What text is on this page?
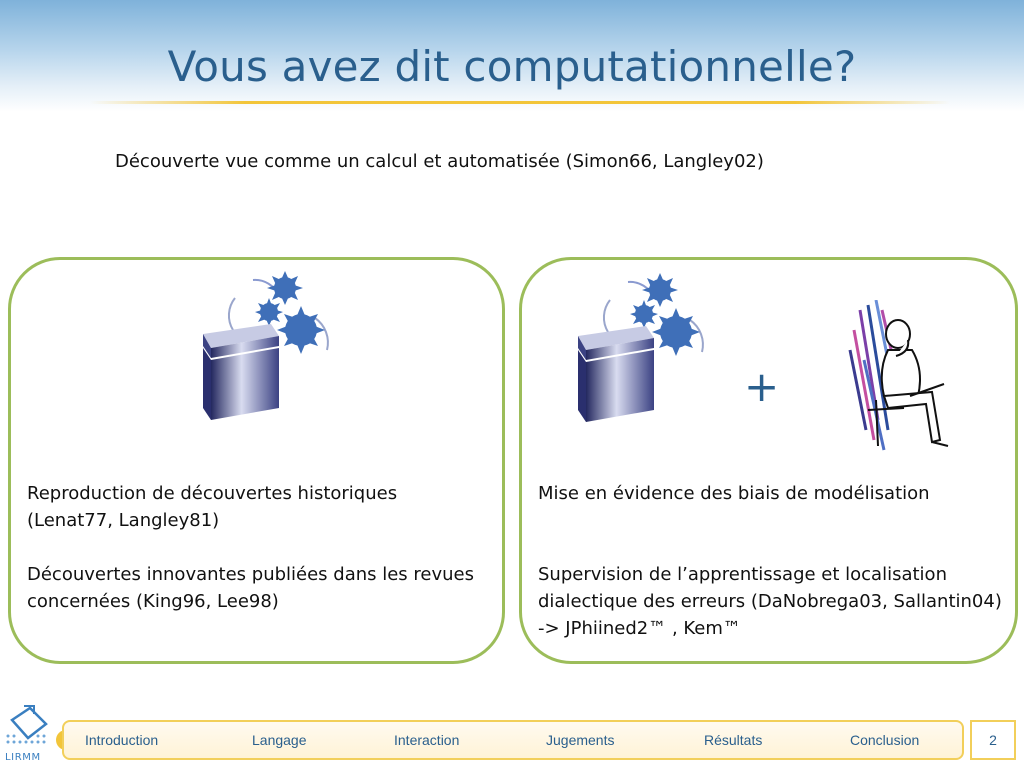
Vous avez dit computationnelle?
Découverte vue comme un calcul et automatisée (Simon66, Langley02)
Reproduction de découvertes historiques
(Lenat77, Langley81)
Découvertes innovantes publiées dans les revues
concernées (King96, Lee98)
+
Mise en évidence des biais de modélisation
Supervision de l’apprentissage et localisation
dialectique des erreurs (DaNobrega03, Sallantin04)
-> JPhiined2™ , Kem™
LIRMM
Introduction	Langage	Interaction	Jugements	Résultats	Conclusion	2
